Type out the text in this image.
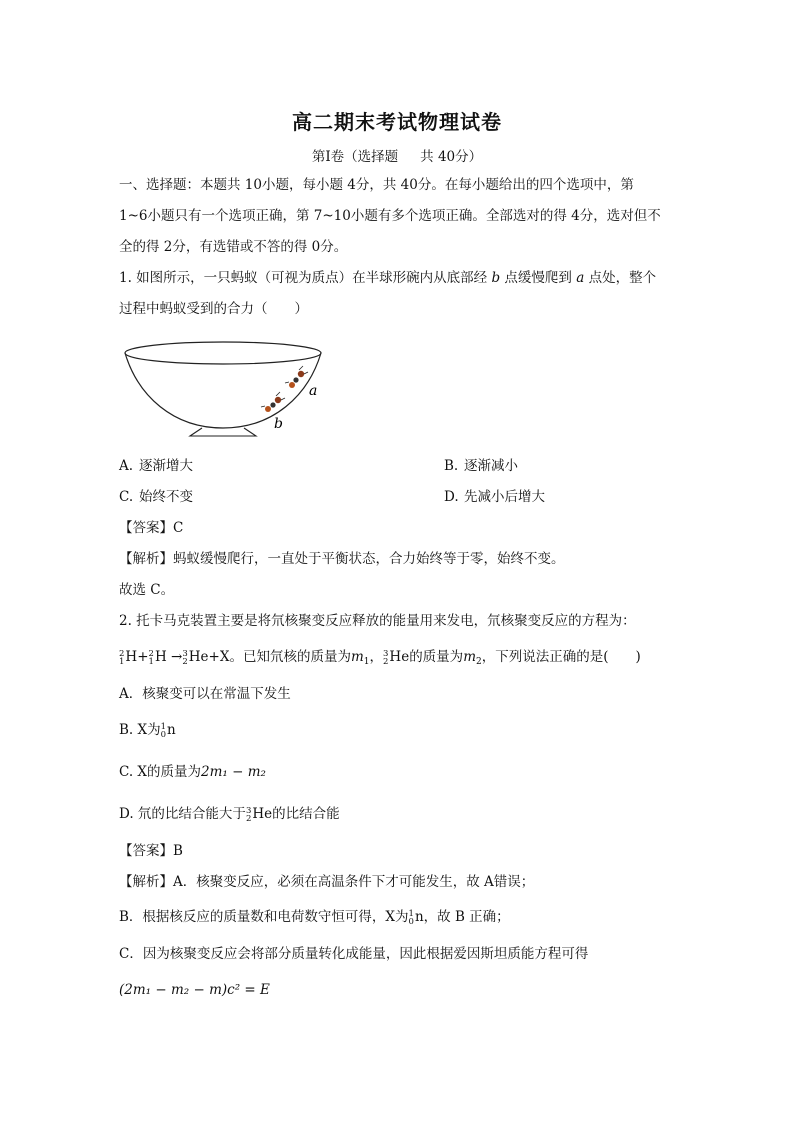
高二期末考试物理试卷
第Ⅰ卷（选择题 共 40分）
一、选择题：本题共 10小题，每小题 4分，共 40分。在每小题给出的四个选项中，第
1~6小题只有一个选项正确，第 7~10小题有多个选项正确。全部选对的得 4分，选对但不
全的得 2分，有选错或不答的得 0分。
1. 如图所示，一只蚂蚁（可视为质点）在半球形碗内从底部经 b 点缓慢爬到 a 点处，整个
过程中蚂蚁受到的合力（　　）
a
b
A. 逐渐增大	B. 逐渐减小
C. 始终不变	D. 先减小后增大
【答案】C
【解析】蚂蚁缓慢爬行，一直处于平衡状态，合力始终等于零，始终不变。
故选 C。
2. 托卡马克装置主要是将氘核聚变反应释放的能量用来发电，氘核聚变反应的方程为：
2
1 H+ 2
1 H → 3
2 He+X。已知氘核的质量为$m_1$， 3
2 He的质量为$m_2$，下列说法正确的是(　　)
A．核聚变可以在常温下发生
B. X为 1
0 n
C. X的质量为2m₁ − m₂
D. 氘的比结合能大于 3
2 He的比结合能
【答案】B
【解析】A．核聚变反应，必须在高温条件下才可能发生，故 A错误；
B．根据核反应的质量数和电荷数守恒可得，X为 1
0 n，故 B 正确；
C．因为核聚变反应会将部分质量转化成能量，因此根据爱因斯坦质能方程可得
(2m₁ − m₂ − m)c² = E
